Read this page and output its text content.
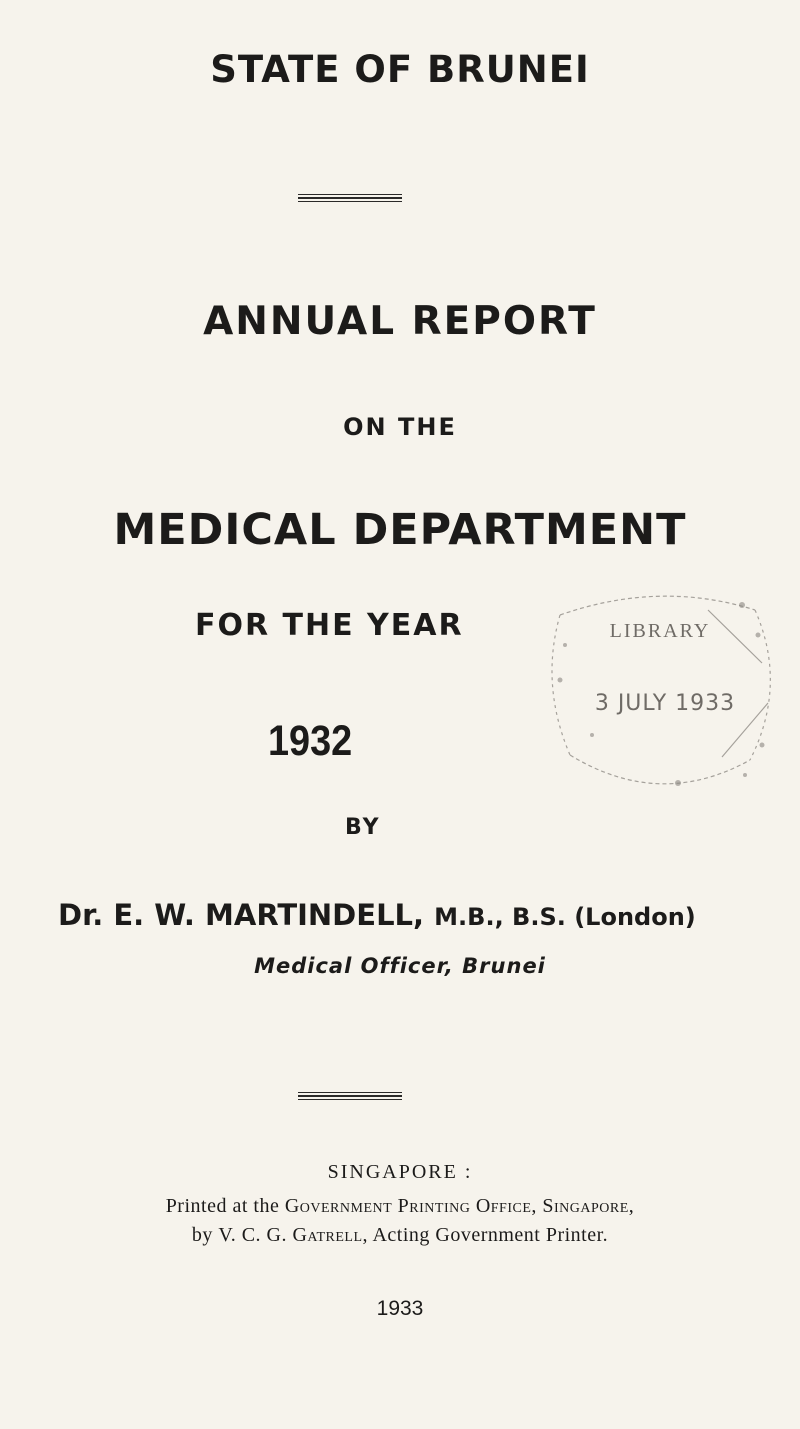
STATE OF BRUNEI
ANNUAL REPORT
ON THE
MEDICAL DEPARTMENT
FOR THE YEAR
1932
BY
LIBRARY
3 JULY 1933
Dr. E. W. MARTINDELL, M.B., B.S. (London)
Medical Officer, Brunei
SINGAPORE :
Printed at the Government Printing Office, Singapore,
by V. C. G. Gatrell, Acting Government Printer.
1933
